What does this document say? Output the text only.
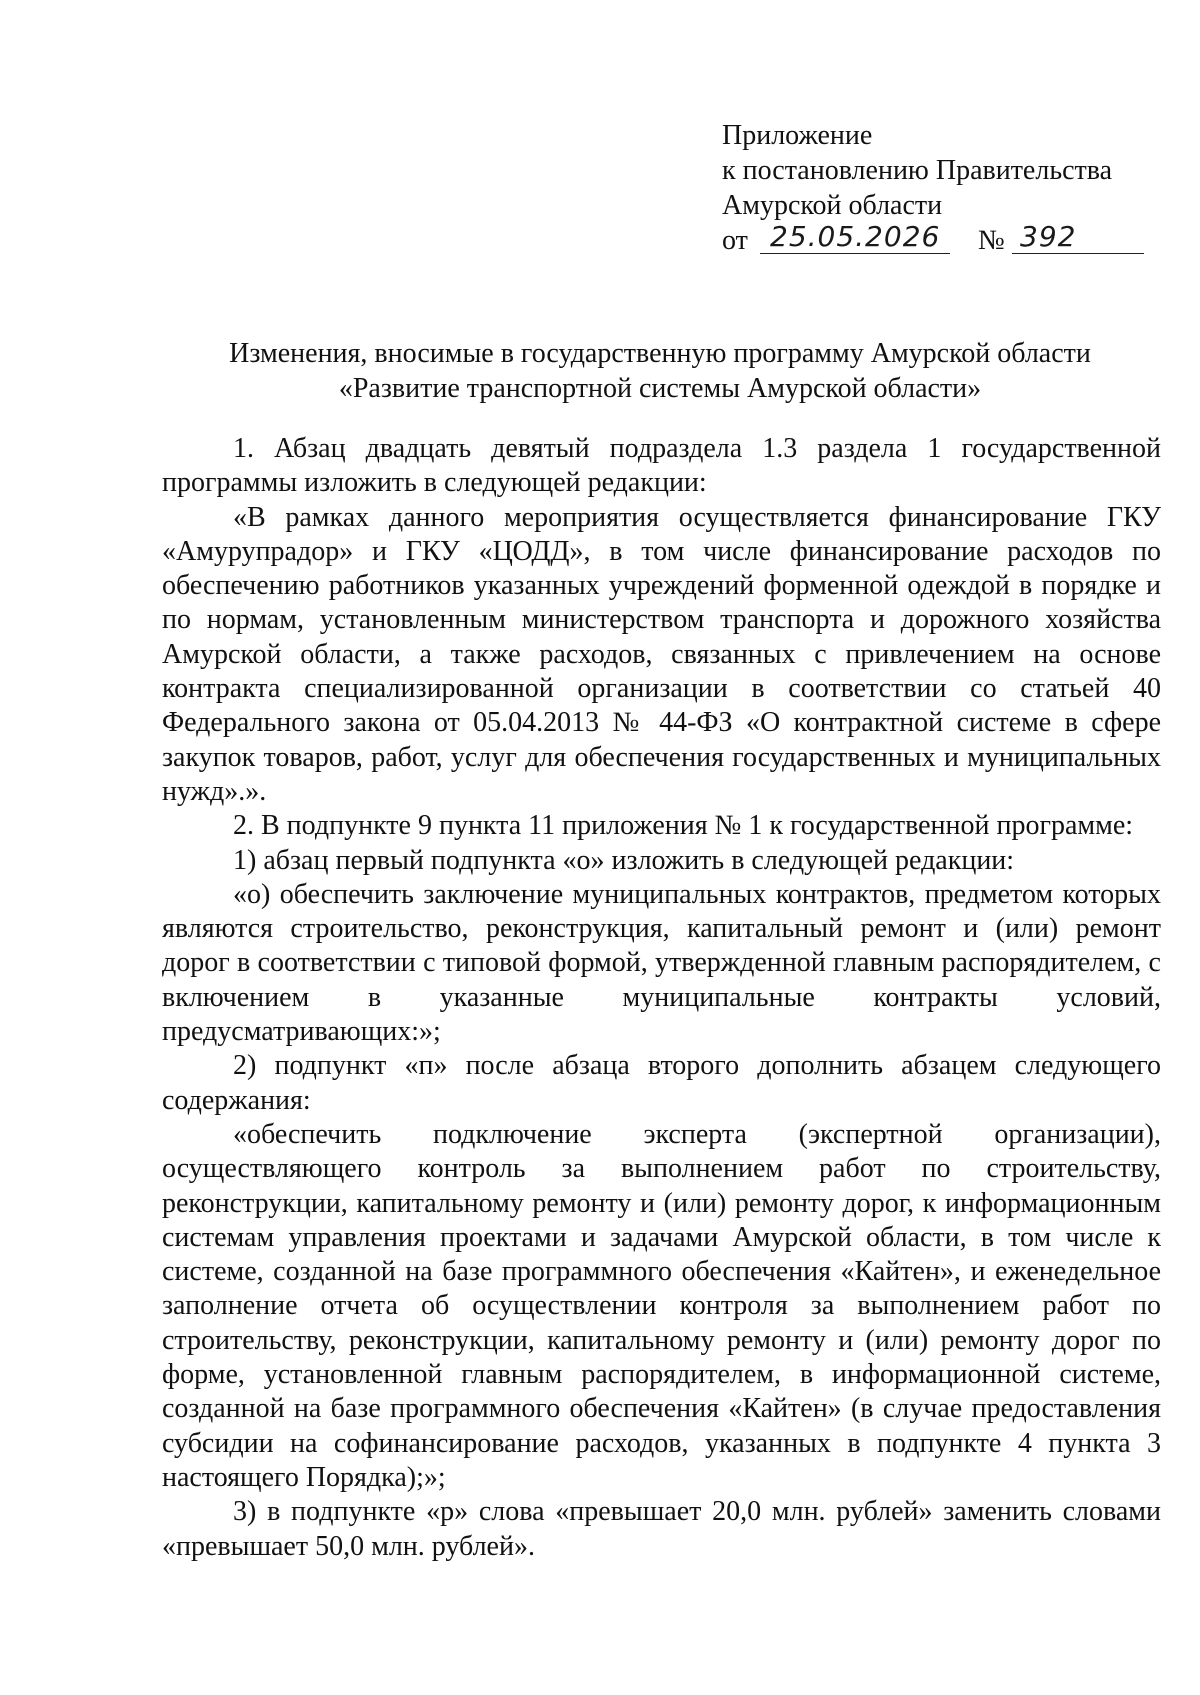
Приложение
к постановлению Правительства
Амурской области
от 25.05.2026 № 392
Изменения, вносимые в государственную программу Амурской области
«Развитие транспортной системы Амурской области»

1. Абзац двадцать девятый подраздела 1.3 раздела 1 государственной программы изложить в следующей редакции:

«В рамках данного мероприятия осуществляется финансирование ГКУ «Амурупрадор» и ГКУ «ЦОДД», в том числе финансирование расходов по обеспечению работников указанных учреждений форменной одеждой в порядке и по нормам, установленным министерством транспорта и дорожного хозяйства Амурской области, а также расходов, связанных с привлечением на основе контракта специализированной организации в соответствии со статьей 40 Федерального закона от 05.04.2013 № 44-ФЗ «О контрактной системе в сфере закупок товаров, работ, услуг для обеспечения государственных и муниципальных нужд».».

2. В подпункте 9 пункта 11 приложения № 1 к государственной программе:

1) абзац первый подпункта «о» изложить в следующей редакции:

«о) обеспечить заключение муниципальных контрактов, предметом которых являются строительство, реконструкция, капитальный ремонт и (или) ремонт дорог в соответствии с типовой формой, утвержденной главным распорядителем, с включением в указанные муниципальные контракты условий, предусматривающих:»;

2) подпункт «п» после абзаца второго дополнить абзацем следующего содержания:

«обеспечить подключение эксперта (экспертной организации), осуществляющего контроль за выполнением работ по строительству, реконструкции, капитальному ремонту и (или) ремонту дорог, к информационным системам управления проектами и задачами Амурской области, в том числе к системе, созданной на базе программного обеспечения «Кайтен», и еженедельное заполнение отчета об осуществлении контроля за выполнением работ по строительству, реконструкции, капитальному ремонту и (или) ремонту дорог по форме, установленной главным распорядителем, в информационной системе, созданной на базе программного обеспечения «Кайтен» (в случае предоставления субсидии на софинансирование расходов, указанных в подпункте 4 пункта 3 настоящего Порядка);»;

3) в подпункте «р» слова «превышает 20,0 млн. рублей» заменить словами «превышает 50,0 млн. рублей».
